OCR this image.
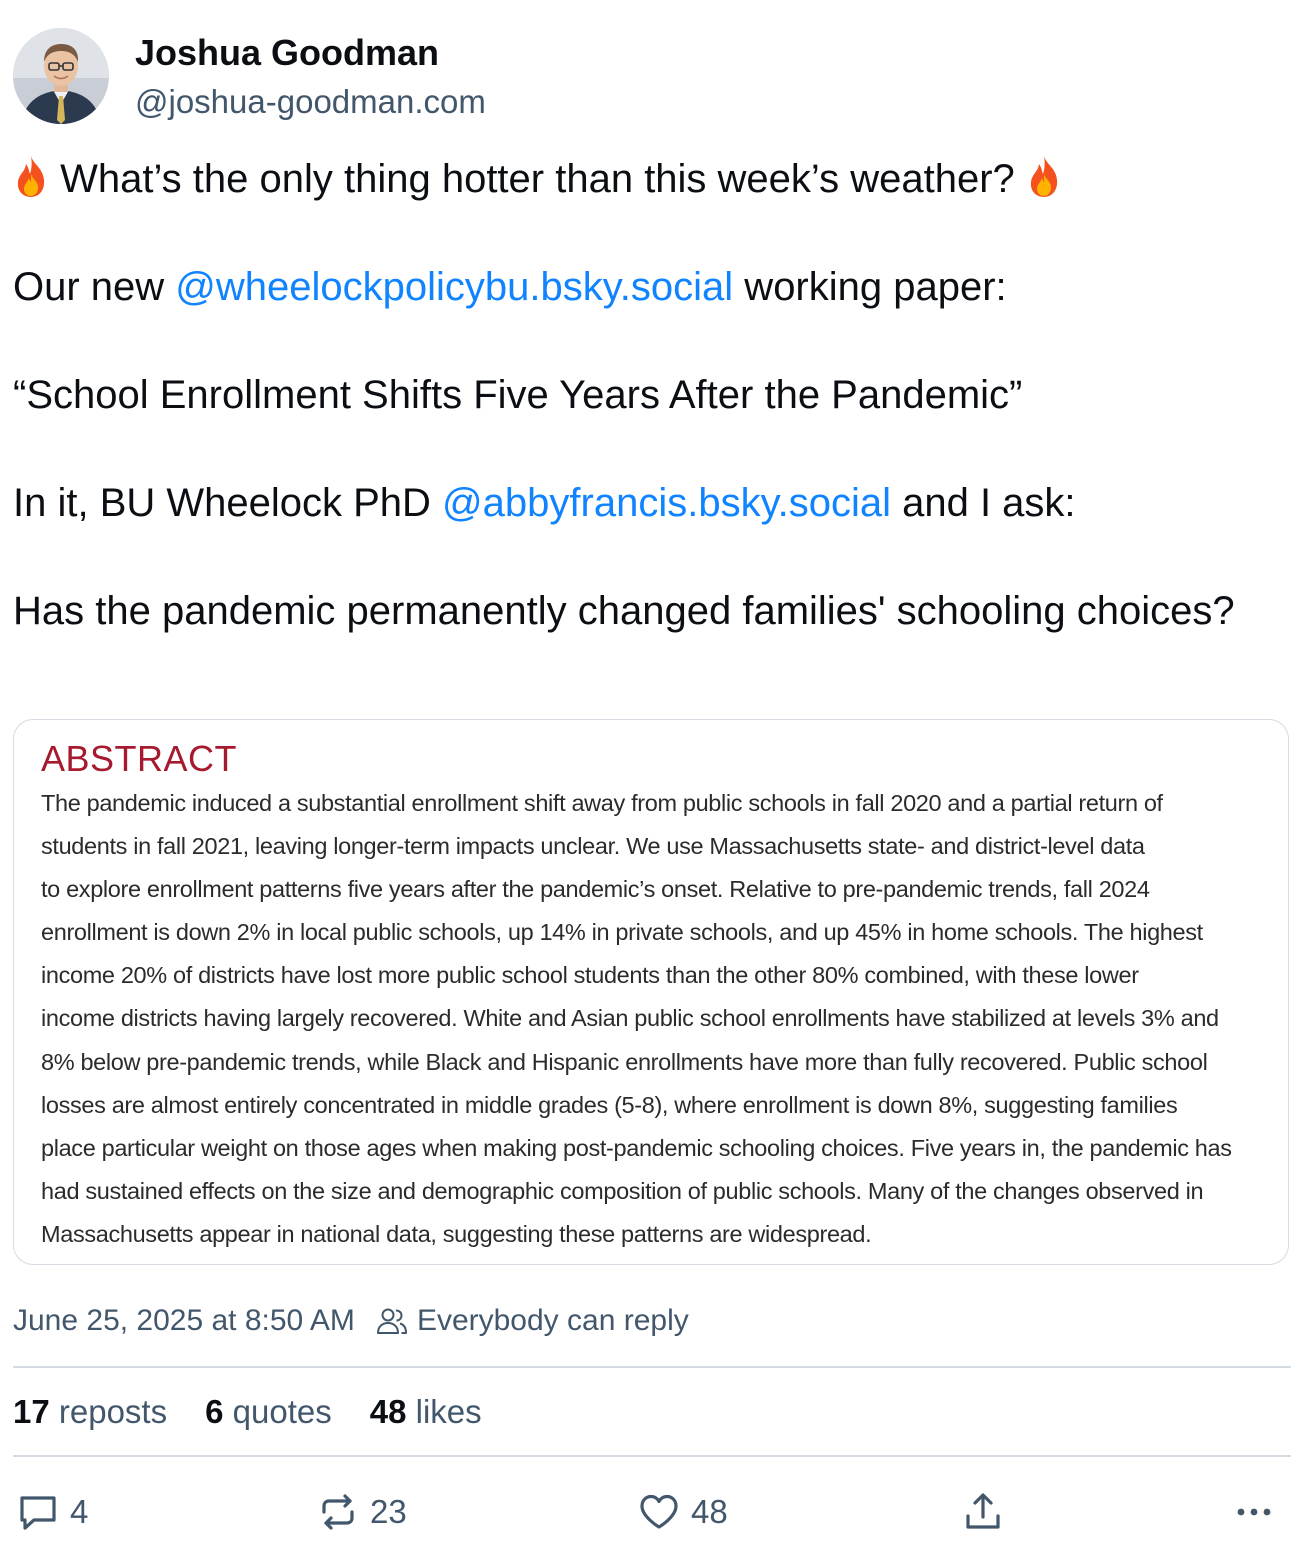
Joshua Goodman
@joshua-goodman.com

What’s the only thing hotter than this week’s weather?

Our new @wheelockpolicybu.bsky.social working paper:

“School Enrollment Shifts Five Years After the Pandemic”

In it, BU Wheelock PhD @abbyfrancis.bsky.social and I ask:

Has the pandemic permanently changed families' schooling choices?

ABSTRACT
The pandemic induced a substantial enrollment shift away from public schools in fall 2020 and a partial return of
students in fall 2021, leaving longer-term impacts unclear. We use Massachusetts state- and district-level data
to explore enrollment patterns five years after the pandemic’s onset. Relative to pre-pandemic trends, fall 2024
enrollment is down 2% in local public schools, up 14% in private schools, and up 45% in home schools. The highest
income 20% of districts have lost more public school students than the other 80% combined, with these lower
income districts having largely recovered. White and Asian public school enrollments have stabilized at levels 3% and
8% below pre-pandemic trends, while Black and Hispanic enrollments have more than fully recovered. Public school
losses are almost entirely concentrated in middle grades (5-8), where enrollment is down 8%, suggesting families
place particular weight on those ages when making post-pandemic schooling choices. Five years in, the pandemic has
had sustained effects on the size and demographic composition of public schools. Many of the changes observed in
Massachusetts appear in national data, suggesting these patterns are widespread.
June 25, 2025 at 8:50 AM Everybody can reply
17 reposts 6 quotes 48 likes
4	23	48
